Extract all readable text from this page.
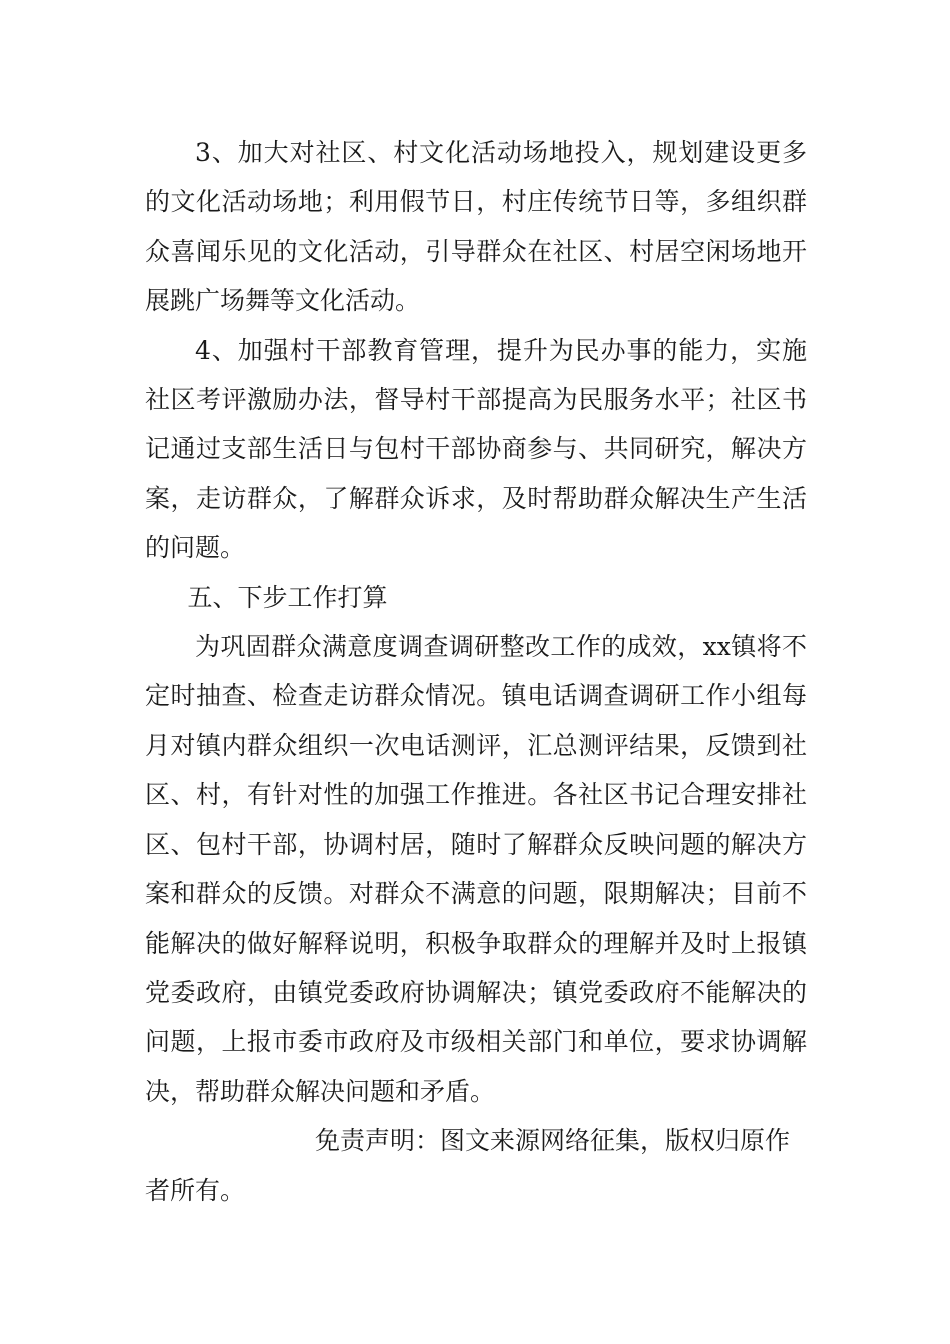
3、加大对社区、村文化活动场地投入，规划建设更多的文化活动场地；利用假节日，村庄传统节日等，多组织群众喜闻乐见的文化活动，引导群众在社区、村居空闲场地开展跳广场舞等文化活动。

4、加强村干部教育管理，提升为民办事的能力，实施社区考评激励办法，督导村干部提高为民服务水平；社区书记通过支部生活日与包村干部协商参与、共同研究，解决方案，走访群众，了解群众诉求，及时帮助群众解决生产生活的问题。

五、下步工作打算

为巩固群众满意度调查调研整改工作的成效，xx镇将不定时抽查、检查走访群众情况。镇电话调查调研工作小组每月对镇内群众组织一次电话测评，汇总测评结果，反馈到社区、村，有针对性的加强工作推进。各社区书记合理安排社区、包村干部，协调村居，随时了解群众反映问题的解决方案和群众的反馈。对群众不满意的问题，限期解决；目前不能解决的做好解释说明，积极争取群众的理解并及时上报镇党委政府，由镇党委政府协调解决；镇党委政府不能解决的问题，上报市委市政府及市级相关部门和单位，要求协调解决，帮助群众解决问题和矛盾。

免责声明：图文来源网络征集，版权归原作
者所有。
